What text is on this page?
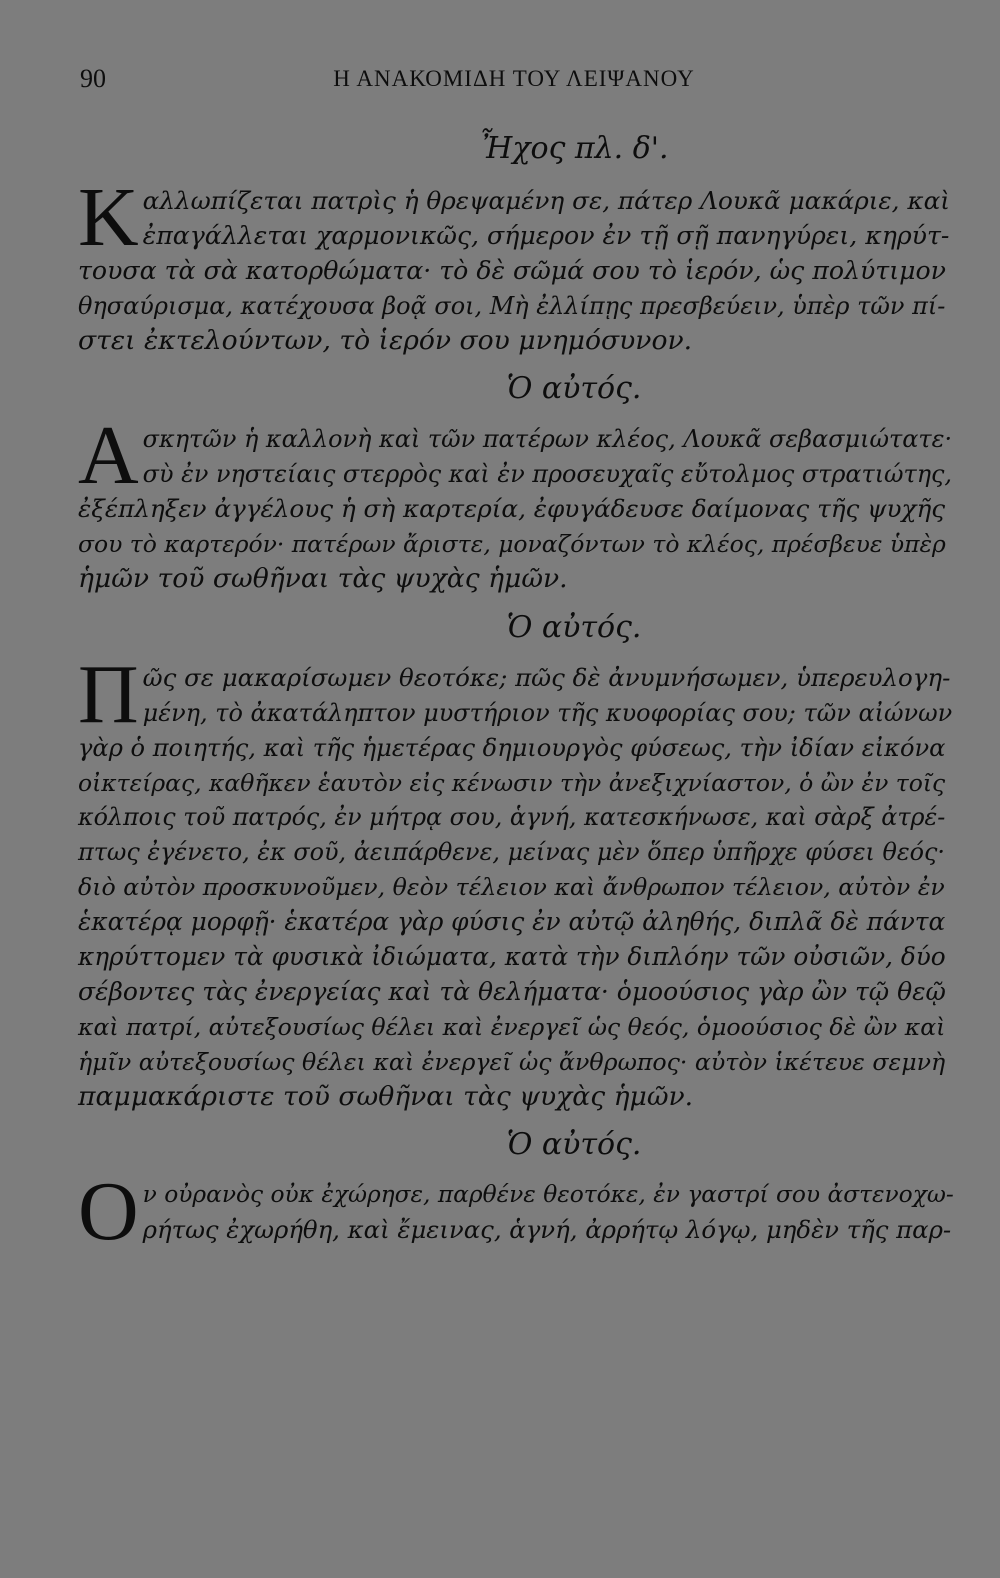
90	Η ΑΝΑΚΟΜΙΔΗ ΤΟΥ ΛΕΙΨΑΝΟΥ
Ἦχος πλ. δ'.
Κ αλλωπίζεται πατρὶς ἡ θρεψαμένη σε, πάτερ Λουκᾶ μακάριε, καὶ
ἐπαγάλλεται χαρμονικῶς, σήμερον ἐν τῇ σῇ πανηγύρει, κηρύτ-
τουσα τὰ σὰ κατορθώματα· τὸ δὲ σῶμά σου τὸ ἱερόν, ὡς πολύτιμον
θησαύρισμα, κατέχουσα βοᾷ σοι, Μὴ ἐλλίπῃς πρεσβεύειν, ὑπὲρ τῶν πί-
στει ἐκτελούντων, τὸ ἱερόν σου μνημόσυνον.
Ὁ αὐτός.
Α σκητῶν ἡ καλλονὴ καὶ τῶν πατέρων κλέος, Λουκᾶ σεβασμιώτατε·
σὺ ἐν νηστείαις στερρὸς καὶ ἐν προσευχαῖς εὔτολμος στρατιώτης,
ἐξέπληξεν ἀγγέλους ἡ σὴ καρτερία, ἐφυγάδευσε δαίμονας τῆς ψυχῆς
σου τὸ καρτερόν· πατέρων ἄριστε, μοναζόντων τὸ κλέος, πρέσβευε ὑπὲρ
ἡμῶν τοῦ σωθῆναι τὰς ψυχὰς ἡμῶν.
Ὁ αὐτός.
Π ῶς σε μακαρίσωμεν θεοτόκε; πῶς δὲ ἀνυμνήσωμεν, ὑπερευλογη-
μένη, τὸ ἀκατάληπτον μυστήριον τῆς κυοφορίας σου; τῶν αἰώνων
γὰρ ὁ ποιητής, καὶ τῆς ἡμετέρας δημιουργὸς φύσεως, τὴν ἰδίαν εἰκόνα
οἰκτείρας, καθῆκεν ἑαυτὸν εἰς κένωσιν τὴν ἀνεξιχνίαστον, ὁ ὢν ἐν τοῖς
κόλποις τοῦ πατρός, ἐν μήτρᾳ σου, ἁγνή, κατεσκήνωσε, καὶ σὰρξ ἀτρέ-
πτως ἐγένετο, ἐκ σοῦ, ἀειπάρθενε, μείνας μὲν ὅπερ ὑπῆρχε φύσει θεός·
διὸ αὐτὸν προσκυνοῦμεν, θεὸν τέλειον καὶ ἄνθρωπον τέλειον, αὐτὸν ἐν
ἑκατέρᾳ μορφῇ· ἑκατέρα γὰρ φύσις ἐν αὐτῷ ἀληθής, διπλᾶ δὲ πάντα
κηρύττομεν τὰ φυσικὰ ἰδιώματα, κατὰ τὴν διπλόην τῶν οὐσιῶν, δύο
σέβοντες τὰς ἐνεργείας καὶ τὰ θελήματα· ὁμοούσιος γὰρ ὢν τῷ θεῷ
καὶ πατρί, αὐτεξουσίως θέλει καὶ ἐνεργεῖ ὡς θεός, ὁμοούσιος δὲ ὢν καὶ
ἡμῖν αὐτεξουσίως θέλει καὶ ἐνεργεῖ ὡς ἄνθρωπος· αὐτὸν ἱκέτευε σεμνὴ
παμμακάριστε τοῦ σωθῆναι τὰς ψυχὰς ἡμῶν.
Ὁ αὐτός.
Ο ν οὐρανὸς οὐκ ἐχώρησε, παρθένε θεοτόκε, ἐν γαστρί σου ἀστενοχω-
ρήτως ἐχωρήθη, καὶ ἔμεινας, ἁγνή, ἀρρήτῳ λόγῳ, μηδὲν τῆς παρ-
